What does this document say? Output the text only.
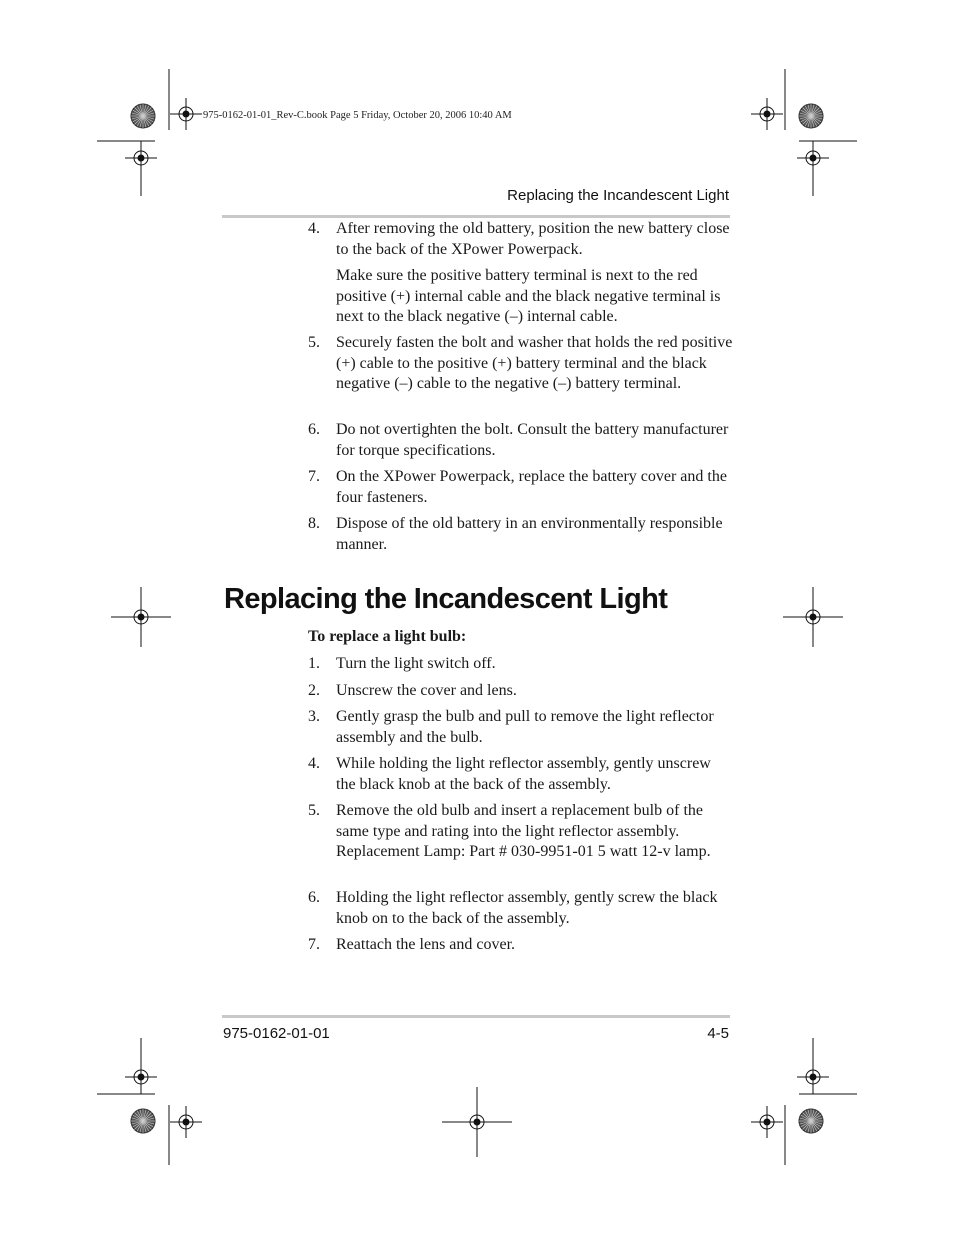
975-0162-01-01_Rev-C.book Page 5 Friday, October 20, 2006 10:40 AM
Replacing the Incandescent Light
4.	After removing the old battery, position the new battery close to the back of the XPower Powerpack.
Make sure the positive battery terminal is next to the red positive (+) internal cable and the black negative terminal is next to the black negative (–) internal cable.
5.	Securely fasten the bolt and washer that holds the red positive (+) cable to the positive (+) battery terminal and the black negative (–) cable to the negative (–) battery terminal.
6.	Do not overtighten the bolt. Consult the battery manufacturer for torque specifications.
7.	On the XPower Powerpack, replace the battery cover and the four fasteners.
8.	Dispose of the old battery in an environmentally responsible manner.
Replacing the Incandescent Light
To replace a light bulb:
1.	Turn the light switch off.
2.	Unscrew the cover and lens.
3.	Gently grasp the bulb and pull to remove the light reflector assembly and the bulb.
4.	While holding the light reflector assembly, gently unscrew the black knob at the back of the assembly.
5.	Remove the old bulb and insert a replacement bulb of the same type and rating into the light reflector assembly. Replacement Lamp: Part # 030-9951-01 5 watt 12-v lamp.
6.	Holding the light reflector assembly, gently screw the black knob on to the back of the assembly.
7.	Reattach the lens and cover.
975-0162-01-01	4-5
